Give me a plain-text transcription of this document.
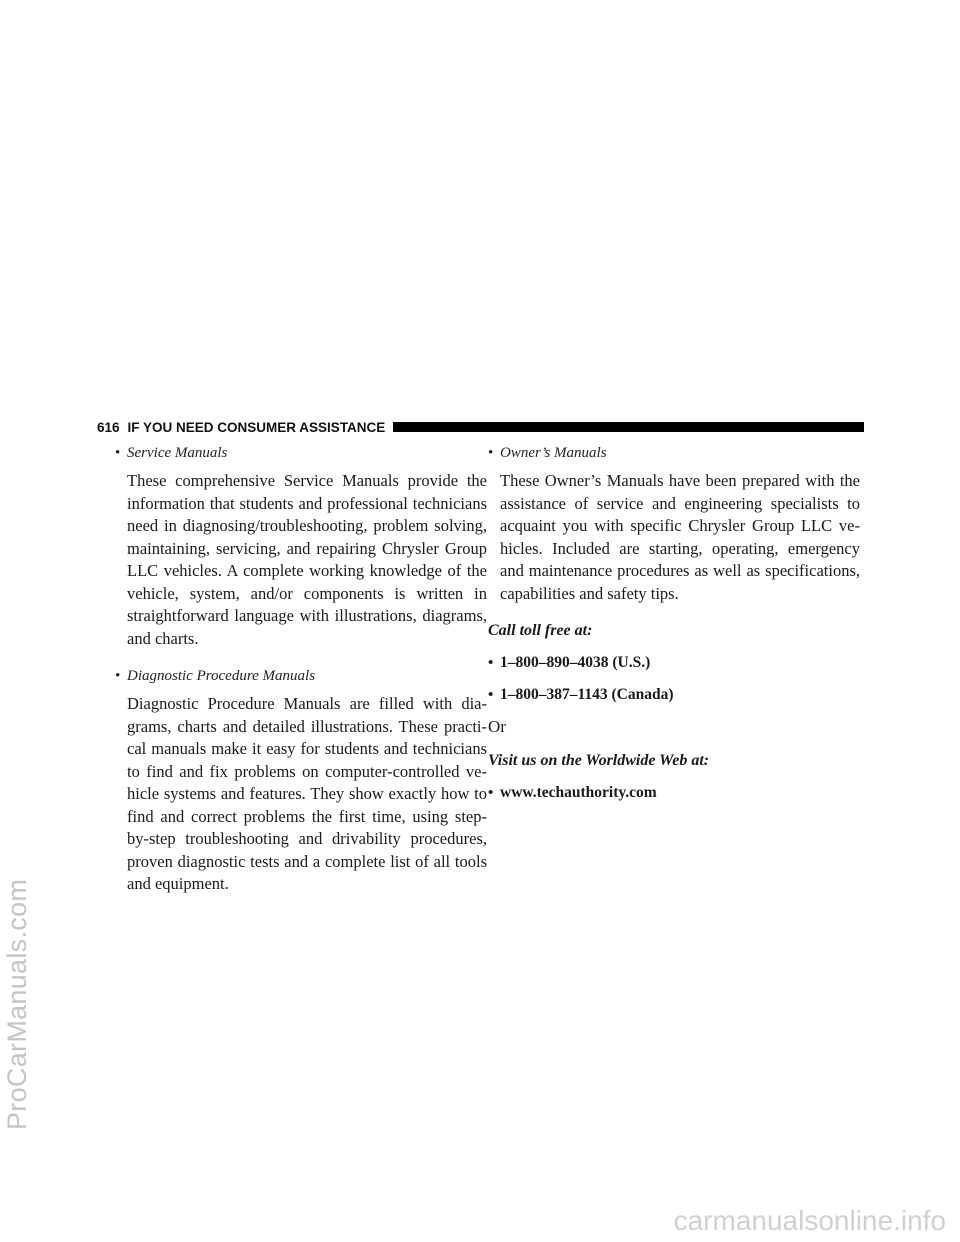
ProCarManuals.com
616 IF YOU NEED CONSUMER ASSISTANCE
• Service Manuals

These comprehensive Service Manuals provide the information that students and professional technicians need in diagnosing/troubleshooting, problem solving, maintaining, servicing, and repairing Chrysler Group LLC vehicles. A complete working knowledge of the vehicle, system, and/or components is written in straightforward language with illustrations, diagrams, and charts.

• Diagnostic Procedure Manuals

Diagnostic Procedure Manuals are filled with diagrams, charts and detailed illustrations. These practical manuals make it easy for students and technicians to find and fix problems on computer-controlled vehicle systems and features. They show exactly how to find and correct problems the first time, using step-by-step troubleshooting and drivability procedures, proven diagnostic tests and a complete list of all tools and equipment.

• Owner’s Manuals

These Owner’s Manuals have been prepared with the assistance of service and engineering specialists to acquaint you with specific Chrysler Group LLC vehicles. Included are starting, operating, emergency and maintenance procedures as well as specifications, capabilities and safety tips.

Call toll free at:
• 1–800–890–4038 (U.S.)
• 1–800–387–1143 (Canada)
Or
Visit us on the Worldwide Web at:
• www.techauthority.com
carmanualsonline.info
